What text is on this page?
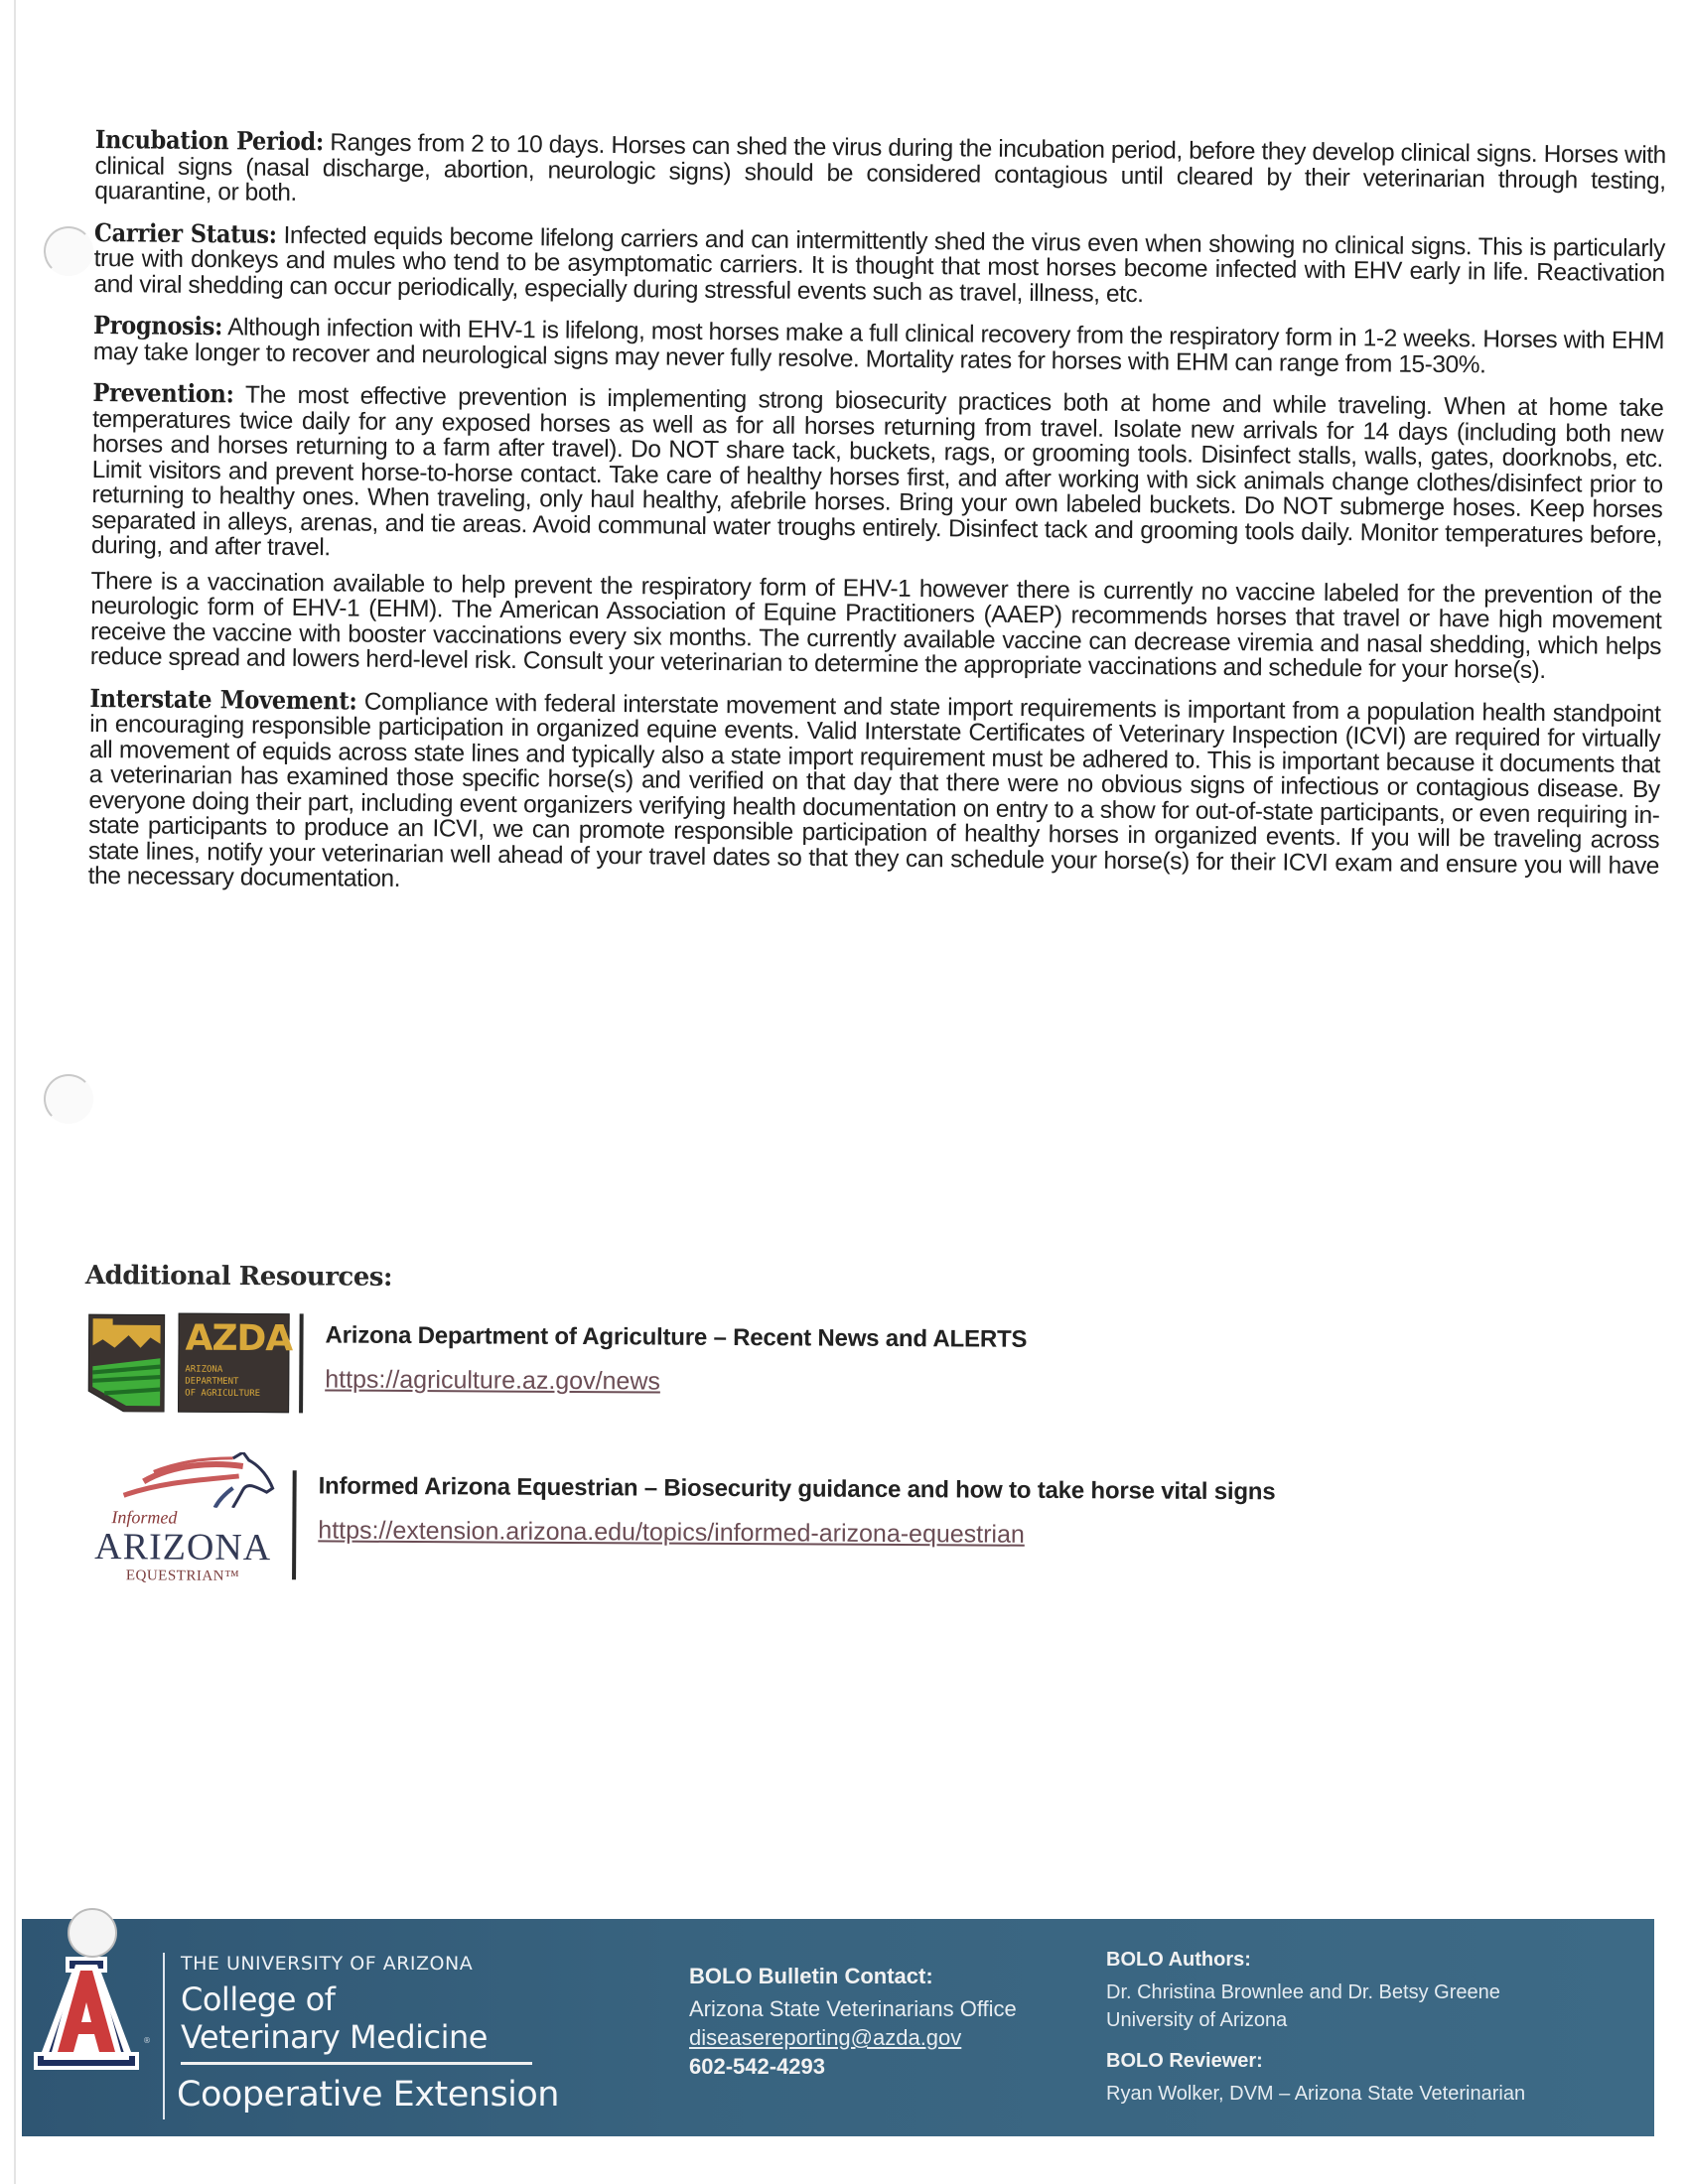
Incubation Period: Ranges from 2 to 10 days. Horses can shed the virus during the incubation period, before they develop clinical signs. Horses with clinical signs (nasal discharge, abortion, neurologic signs) should be considered contagious until cleared by their veterinarian through testing, quarantine, or both.

Carrier Status: Infected equids become lifelong carriers and can intermittently shed the virus even when showing no clinical signs. This is particularly true with donkeys and mules who tend to be asymptomatic carriers. It is thought that most horses become infected with EHV early in life. Reactivation and viral shedding can occur periodically, especially during stressful events such as travel, illness, etc.

Prognosis: Although infection with EHV-1 is lifelong, most horses make a full clinical recovery from the respiratory form in 1-2 weeks. Horses with EHM may take longer to recover and neurological signs may never fully resolve. Mortality rates for horses with EHM can range from 15-30%.

Prevention: The most effective prevention is implementing strong biosecurity practices both at home and while traveling. When at home take temperatures twice daily for any exposed horses as well as for all horses returning from travel. Isolate new arrivals for 14 days (including both new horses and horses returning to a farm after travel). Do NOT share tack, buckets, rags, or grooming tools. Disinfect stalls, walls, gates, doorknobs, etc. Limit visitors and prevent horse-to-horse contact. Take care of healthy horses first, and after working with sick animals change clothes/disinfect prior to returning to healthy ones. When traveling, only haul healthy, afebrile horses. Bring your own labeled buckets. Do NOT submerge hoses. Keep horses separated in alleys, arenas, and tie areas. Avoid communal water troughs entirely. Disinfect tack and grooming tools daily. Monitor temperatures before, during, and after travel.

There is a vaccination available to help prevent the respiratory form of EHV-1 however there is currently no vaccine labeled for the prevention of the neurologic form of EHV-1 (EHM). The American Association of Equine Practitioners (AAEP) recommends horses that travel or have high movement receive the vaccine with booster vaccinations every six months. The currently available vaccine can decrease viremia and nasal shedding, which helps reduce spread and lowers herd-level risk. Consult your veterinarian to determine the appropriate vaccinations and schedule for your horse(s).

Interstate Movement: Compliance with federal interstate movement and state import requirements is important from a population health standpoint in encouraging responsible participation in organized equine events. Valid Interstate Certificates of Veterinary Inspection (ICVI) are required for virtually all movement of equids across state lines and typically also a state import requirement must be adhered to. This is important because it documents that a veterinarian has examined those specific horse(s) and verified on that day that there were no obvious signs of infectious or contagious disease. By everyone doing their part, including event organizers verifying health documentation on entry to a show for out-of-state participants, or even requiring in-state participants to produce an ICVI, we can promote responsible participation of healthy horses in organized events. If you will be traveling across state lines, notify your veterinarian well ahead of your travel dates so that they can schedule your horse(s) for their ICVI exam and ensure you will have the necessary documentation.

Additional Resources:
AZDA
ARIZONA
DEPARTMENT
OF AGRICULTURE
Arizona Department of Agriculture – Recent News and ALERTS
https://agriculture.az.gov/news
Informed
ARIZONA
EQUESTRIAN™
Informed Arizona Equestrian – Biosecurity guidance and how to take horse vital signs
https://extension.arizona.edu/topics/informed-arizona-equestrian
®
THE UNIVERSITY OF ARIZONA
College of
Veterinary Medicine
Cooperative Extension
BOLO Bulletin Contact:
Arizona State Veterinarians Office
diseasereporting@azda.gov
602-542-4293
BOLO Authors:
Dr. Christina Brownlee and Dr. Betsy Greene
University of Arizona
BOLO Reviewer:
Ryan Wolker, DVM – Arizona State Veterinarian
